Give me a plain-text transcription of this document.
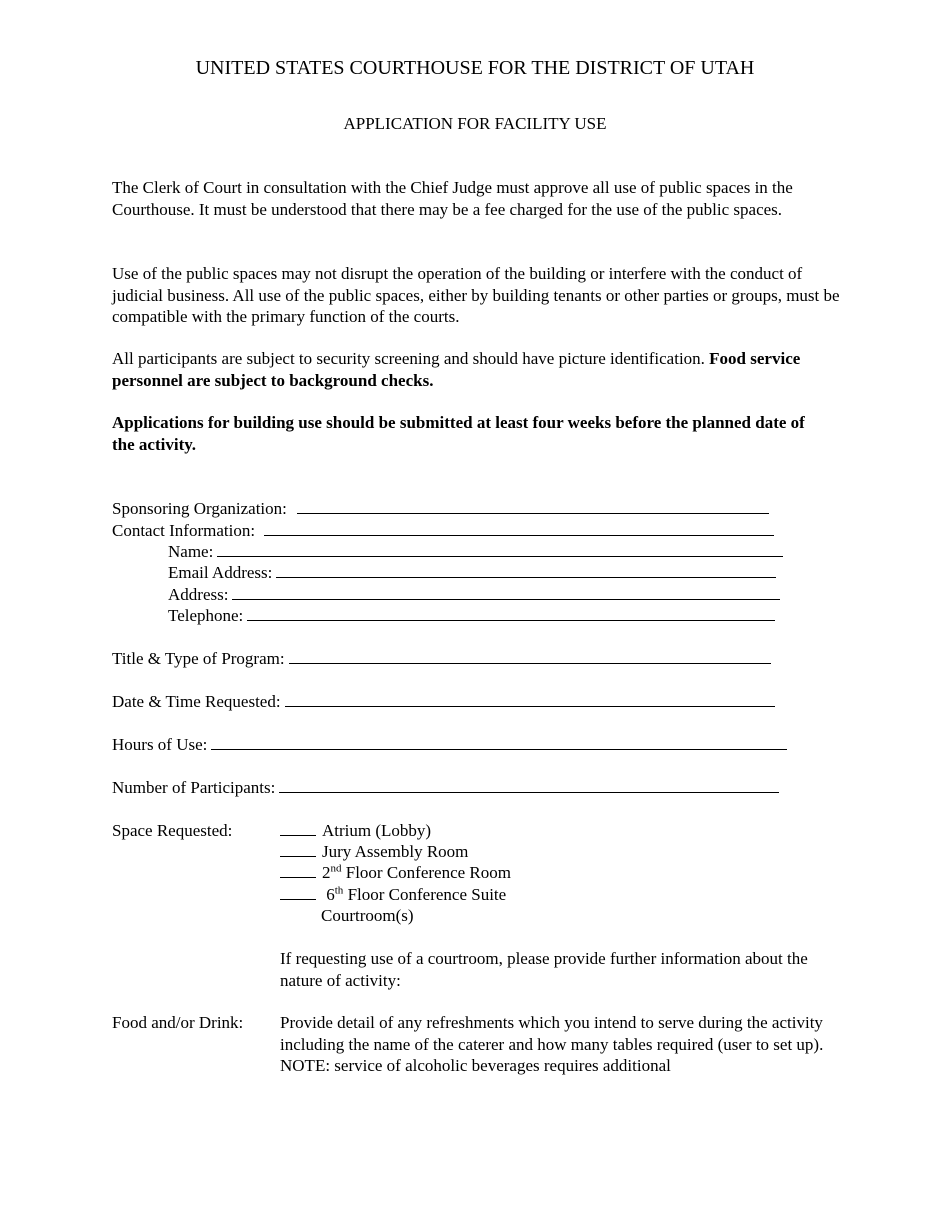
UNITED STATES COURTHOUSE FOR THE DISTRICT OF UTAH
APPLICATION FOR FACILITY USE
The Clerk of Court in consultation with the Chief Judge must approve all use of public spaces in the Courthouse. It must be understood that there may be a fee charged for the use of the public spaces.
Use of the public spaces may not disrupt the operation of the building or interfere with the conduct of judicial business. All use of the public spaces, either by building tenants or other parties or groups, must be compatible with the primary function of the courts.
All participants are subject to security screening and should have picture identification. Food service personnel are subject to background checks.
Applications for building use should be submitted at least four weeks before the planned date of the activity.
Sponsoring Organization:
Contact Information:
Name:
Email Address:
Address:
Telephone:
Title & Type of Program:
Date & Time Requested:
Hours of Use:
Number of Participants:
Space Requested:	Atrium (Lobby)
Jury Assembly Room
2nd Floor Conference Room
6th Floor Conference Suite
Courtroom(s)
If requesting use of a courtroom, please provide further information about the nature of activity:
Food and/or Drink: Provide detail of any refreshments which you intend to serve during the activity including the name of the caterer and how many tables required (user to set up). NOTE: service of alcoholic beverages requires additional
